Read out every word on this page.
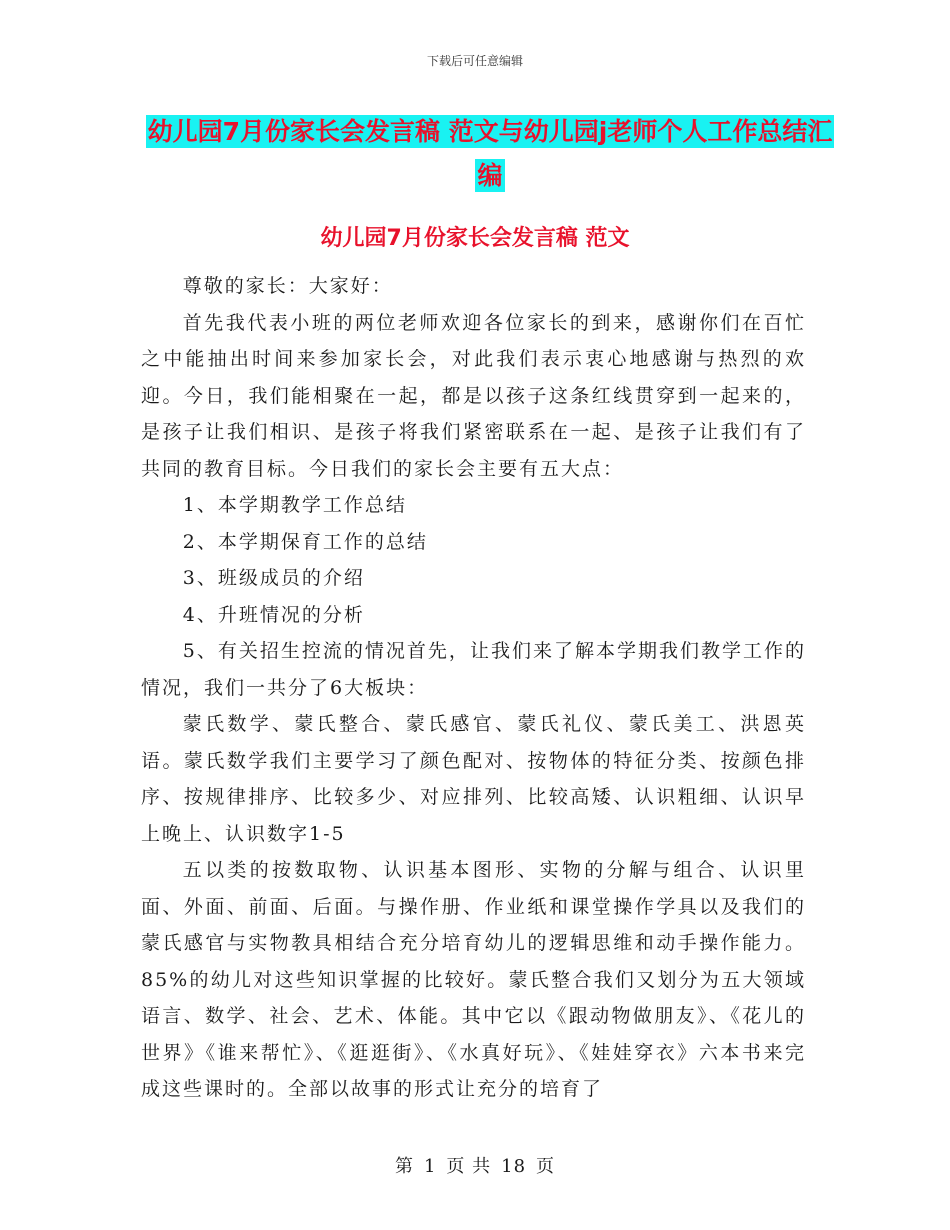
下载后可任意编辑
幼儿园7月份家长会发言稿 范文与幼儿园j老师个人工作总结汇编
幼儿园7月份家长会发言稿 范文

尊敬的家长：大家好：

首先我代表小班的两位老师欢迎各位家长的到来，感谢你们在百忙之中能抽出时间来参加家长会，对此我们表示衷心地感谢与热烈的欢迎。今日，我们能相聚在一起，都是以孩子这条红线贯穿到一起来的，是孩子让我们相识、是孩子将我们紧密联系在一起、是孩子让我们有了共同的教育目标。今日我们的家长会主要有五大点：

1、本学期教学工作总结

2、本学期保育工作的总结

3、班级成员的介绍

4、升班情况的分析

5、有关招生控流的情况首先，让我们来了解本学期我们教学工作的情况，我们一共分了6大板块：

蒙氏数学、蒙氏整合、蒙氏感官、蒙氏礼仪、蒙氏美工、洪恩英语。蒙氏数学我们主要学习了颜色配对、按物体的特征分类、按颜色排序、按规律排序、比较多少、对应排列、比较高矮、认识粗细、认识早上晚上、认识数字1-5

五以类的按数取物、认识基本图形、实物的分解与组合、认识里面、外面、前面、后面。与操作册、作业纸和课堂操作学具以及我们的蒙氏感官与实物教具相结合充分培育幼儿的逻辑思维和动手操作能力。85%的幼儿对这些知识掌握的比较好。蒙氏整合我们又划分为五大领域语言、数学、社会、艺术、体能。其中它以《跟动物做朋友》、《花儿的世界》《谁来帮忙》、《逛逛街》、《水真好玩》、《娃娃穿衣》六本书来完成这些课时的。全部以故事的形式让充分的培育了

第 1 页 共 18 页
